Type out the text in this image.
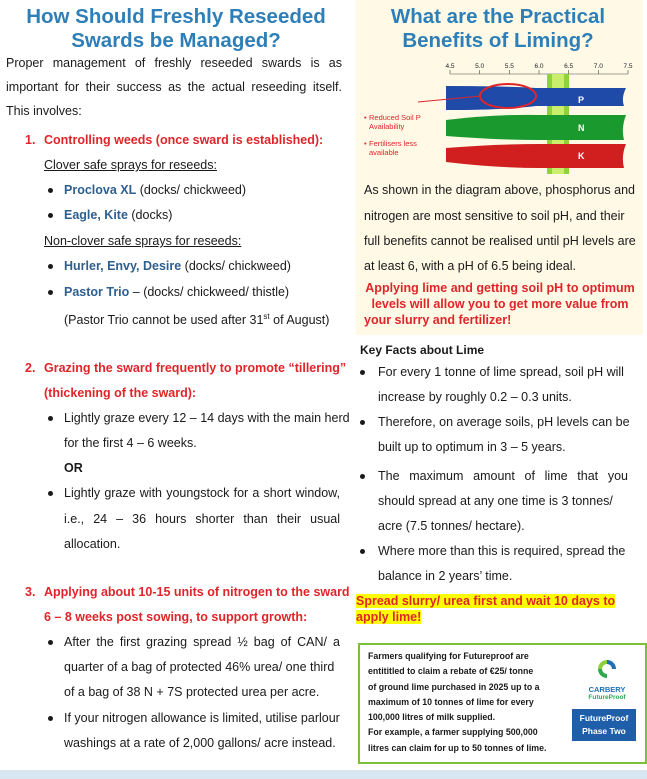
How Should Freshly Reseeded Swards be Managed?
Proper management of freshly reseeded swards is as important for their success as the actual reseeding itself. This involves:
1. Controlling weeds (once sward is established):
Clover safe sprays for reseeds:
Proclova XL (docks/ chickweed)
Eagle, Kite (docks)
Non-clover safe sprays for reseeds:
Hurler, Envy, Desire (docks/ chickweed)
Pastor Trio – (docks/ chickweed/ thistle)
(Pastor Trio cannot be used after 31st of August)
2. Grazing the sward frequently to promote “tillering”
(thickening of the sward):
Lightly graze every 12 – 14 days with the main herd
for the first 4 – 6 weeks.
OR
Lightly graze with youngstock for a short window,
i.e., 24 – 36 hours shorter than their usual
allocation.
3. Applying about 10-15 units of nitrogen to the sward
6 – 8 weeks post sowing, to support growth:
After the first grazing spread ½ bag of CAN/ a
quarter of a bag of protected 46% urea/ one third
of a bag of 38 N + 7S protected urea per acre.
If your nitrogen allowance is limited, utilise parlour
washings at a rate of 2,000 gallons/ acre instead.
What are the Practical Benefits of Liming?
4.5	5.0	5.5	6.0	6.5	7.0	7.5
P
N
K
• Reduced Soil P Availability
• Fertilisers less available
As shown in the diagram above, phosphorus and
nitrogen are most sensitive to soil pH, and their
full benefits cannot be realised until pH levels are
at least 6, with a pH of 6.5 being ideal.
Applying lime and getting soil pH to optimum
levels will allow you to get more value from
your slurry and fertilizer!
Key Facts about Lime
For every 1 tonne of lime spread, soil pH will
increase by roughly 0.2 – 0.3 units.
Therefore, on average soils, pH levels can be
built up to optimum in 3 – 5 years.
The maximum amount of lime that you
should spread at any one time is 3 tonnes/
acre (7.5 tonnes/ hectare).
Where more than this is required, spread the
balance in 2 years’ time.
Spread slurry/ urea first and wait 10 days to
apply lime!
Farmers qualifying for Futureproof are
entititled to claim a rebate of €25/ tonne
of ground lime purchased in 2025 up to a
maximum of 10 tonnes of lime for every
100,000 litres of milk supplied.
For example, a farmer supplying 500,000
litres can claim for up to 50 tonnes of lime.
CARBERY
FutureProof
FutureProof
Phase Two
